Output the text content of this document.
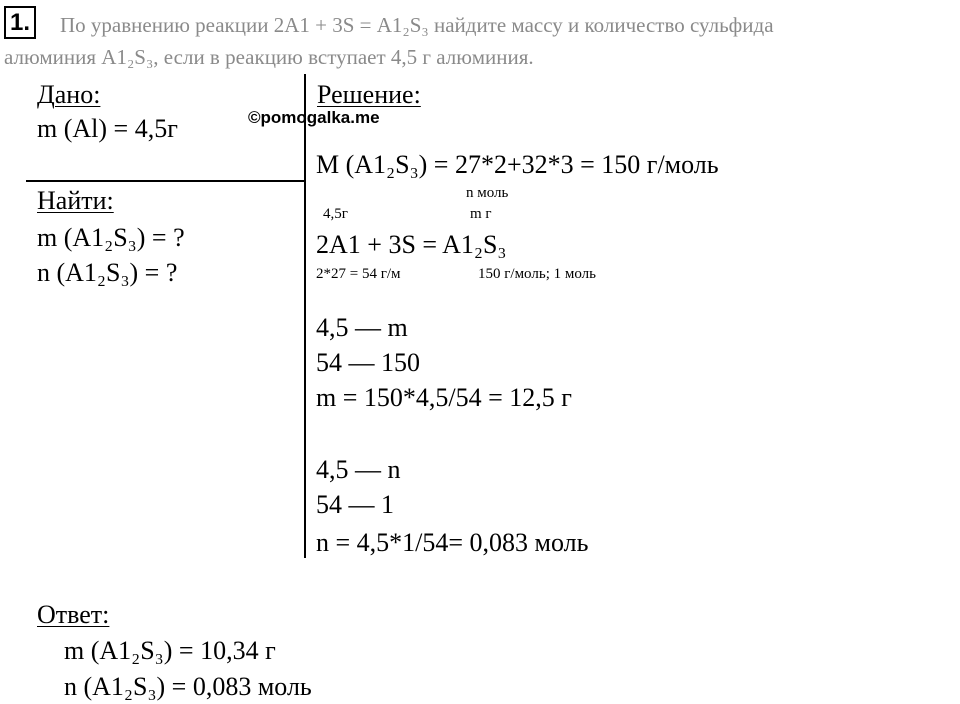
1. По уравнению реакции 2А1 + 3S = А1₂S₃ найдите массу и количество сульфида
алюминия А1₂S₃, если в реакцию вступает 4,5 г алюминия.
Дано:
m (Al) = 4,5г	©pomogalka.me
Найти:
m (A1₂S₃) = ?
n (A1₂S₃) = ?
Решение:
M (A1₂S₃) = 27*2+32*3 = 150 г/моль
n моль
4,5г	m г
2A1 + 3S = A1₂S₃
2*27 = 54 г/м	150 г/моль; 1 моль
4,5 — m
54 — 150
m = 150*4,5/54 = 12,5 г
4,5 — n
54 — 1
n = 4,5*1/54= 0,083 моль
Ответ:
m (A1₂S₃) = 10,34 г
n (A1₂S₃) = 0,083 моль
